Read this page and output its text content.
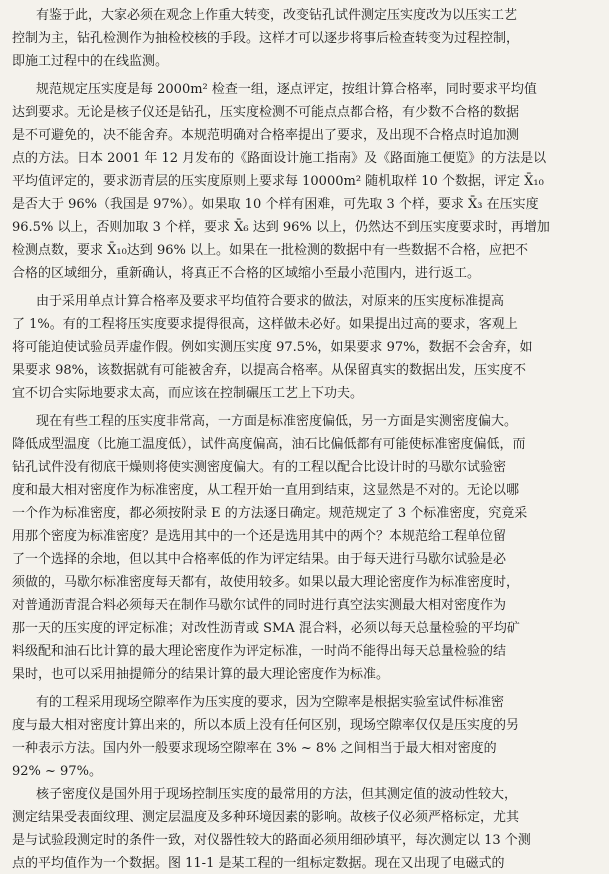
有鉴于此，大家必须在观念上作重大转变，改变钻孔试件测定压实度改为以压实工艺
控制为主，钻孔检测作为抽检校核的手段。这样才可以逐步将事后检查转变为过程控制，
即施工过程中的在线监测。
规范规定压实度是每 2000m² 检查一组，逐点评定，按组计算合格率，同时要求平均值
达到要求。无论是核子仪还是钻孔，压实度检测不可能点点都合格，有少数不合格的数据
是不可避免的，决不能舍弃。本规范明确对合格率提出了要求，及出现不合格点时追加测
点的方法。日本 2001 年 12 月发布的《路面设计施工指南》及《路面施工便览》的方法是以
平均值评定的，要求沥青层的压实度原则上要求每 10000m² 随机取样 10 个数据，评定 X̄₁₀
是否大于 96%（我国是 97%）。如果取 10 个样有困难，可先取 3 个样，要求 X̄₃ 在压实度
96.5% 以上，否则加取 3 个样，要求 X̄₆ 达到 96% 以上，仍然达不到压实度要求时，再增加
检测点数，要求 X̄₁₀达到 96% 以上。如果在一批检测的数据中有一些数据不合格，应把不
合格的区域细分，重新确认，将真正不合格的区域缩小至最小范围内，进行返工。
由于采用单点计算合格率及要求平均值符合要求的做法，对原来的压实度标准提高
了 1%。有的工程将压实度要求提得很高，这样做未必好。如果提出过高的要求，客观上
将可能迫使试验员弄虚作假。例如实测压实度 97.5%，如果要求 97%，数据不会舍弃，如
果要求 98%，该数据就有可能被舍弃，以提高合格率。从保留真实的数据出发，压实度不
宜不切合实际地要求太高，而应该在控制碾压工艺上下功夫。
现在有些工程的压实度非常高，一方面是标准密度偏低，另一方面是实测密度偏大。
降低成型温度（比施工温度低），试件高度偏高，油石比偏低都有可能使标准密度偏低，而
钻孔试件没有彻底干燥则将使实测密度偏大。有的工程以配合比设计时的马歇尔试验密
度和最大相对密度作为标准密度，从工程开始一直用到结束，这显然是不对的。无论以哪
一个作为标准密度，都必须按附录 E 的方法逐日确定。规范规定了 3 个标准密度，究竟采
用那个密度为标准密度？是选用其中的一个还是选用其中的两个？本规范给工程单位留
了一个选择的余地，但以其中合格率低的作为评定结果。由于每天进行马歇尔试验是必
须做的，马歇尔标准密度每天都有，故使用较多。如果以最大理论密度作为标准密度时，
对普通沥青混合料必须每天在制作马歇尔试件的同时进行真空法实测最大相对密度作为
那一天的压实度的评定标准；对改性沥青或 SMA 混合料，必须以每天总量检验的平均矿
料级配和油石比计算的最大理论密度作为评定标准，一时尚不能得出每天总量检验的结
果时，也可以采用抽提筛分的结果计算的最大理论密度作为标准。
有的工程采用现场空隙率作为压实度的要求，因为空隙率是根据实验室试件标准密
度与最大相对密度计算出来的，所以本质上没有任何区别，现场空隙率仅仅是压实度的另
一种表示方法。国内外一般要求现场空隙率在 3% ~ 8% 之间相当于最大相对密度的
92% ~ 97%。
核子密度仪是国外用于现场控制压实度的最常用的方法，但其测定值的波动性较大，
测定结果受表面纹理、测定层温度及多种环境因素的影响。故核子仪必须严格标定，尤其
是与试验段测定时的条件一致，对仪器性较大的路面必须用细砂填平，每次测定以 13 个测
点的平均值作为一个数据。图 11-1 是某工程的一组标定数据。现在又出现了电磁式的
